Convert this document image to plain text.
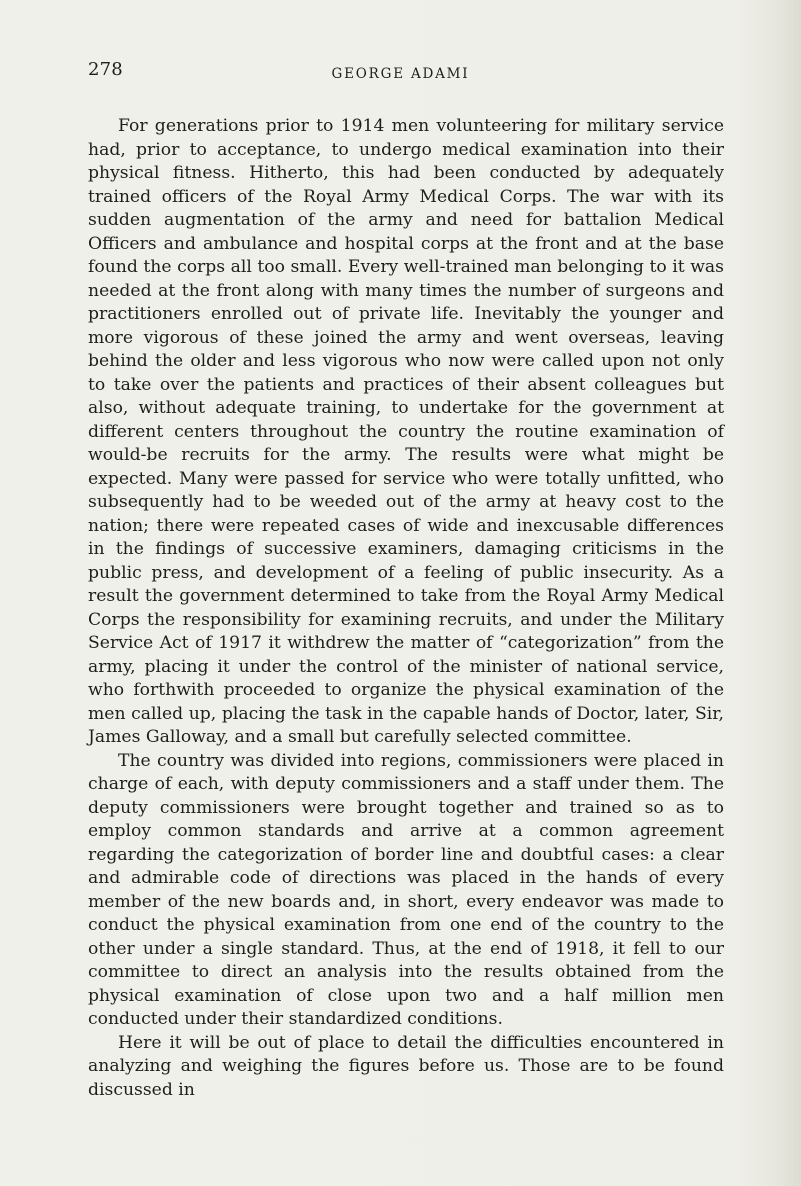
278	GEORGE ADAMI

For generations prior to 1914 men volunteering for military service had, prior to acceptance, to undergo medical examination into their physical fitness. Hitherto, this had been conducted by adequately trained officers of the Royal Army Medical Corps. The war with its sudden augmentation of the army and need for battalion Medical Officers and ambulance and hospital corps at the front and at the base found the corps all too small. Every well-trained man belonging to it was needed at the front along with many times the number of surgeons and practitioners enrolled out of private life. Inevitably the younger and more vigorous of these joined the army and went overseas, leaving behind the older and less vigorous who now were called upon not only to take over the patients and practices of their absent colleagues but also, without adequate training, to undertake for the government at different centers throughout the country the routine examination of would-be recruits for the army. The results were what might be expected. Many were passed for service who were totally unfitted, who subsequently had to be weeded out of the army at heavy cost to the nation; there were repeated cases of wide and inexcusable differences in the findings of successive examiners, damaging criticisms in the public press, and development of a feeling of public insecurity. As a result the government determined to take from the Royal Army Medical Corps the responsibility for examining recruits, and under the Military Service Act of 1917 it withdrew the matter of “categorization” from the army, placing it under the control of the minister of national service, who forthwith proceeded to organize the physical examination of the men called up, placing the task in the capable hands of Doctor, later, Sir, James Galloway, and a small but carefully selected committee.

The country was divided into regions, commissioners were placed in charge of each, with deputy commissioners and a staff under them. The deputy commissioners were brought together and trained so as to employ common standards and arrive at a common agreement regarding the categorization of border line and doubtful cases: a clear and admirable code of directions was placed in the hands of every member of the new boards and, in short, every endeavor was made to conduct the physical examination from one end of the country to the other under a single standard. Thus, at the end of 1918, it fell to our committee to direct an analysis into the results obtained from the physical examination of close upon two and a half million men conducted under their standardized conditions.

Here it will be out of place to detail the difficulties encountered in analyzing and weighing the figures before us. Those are to be found discussed in
